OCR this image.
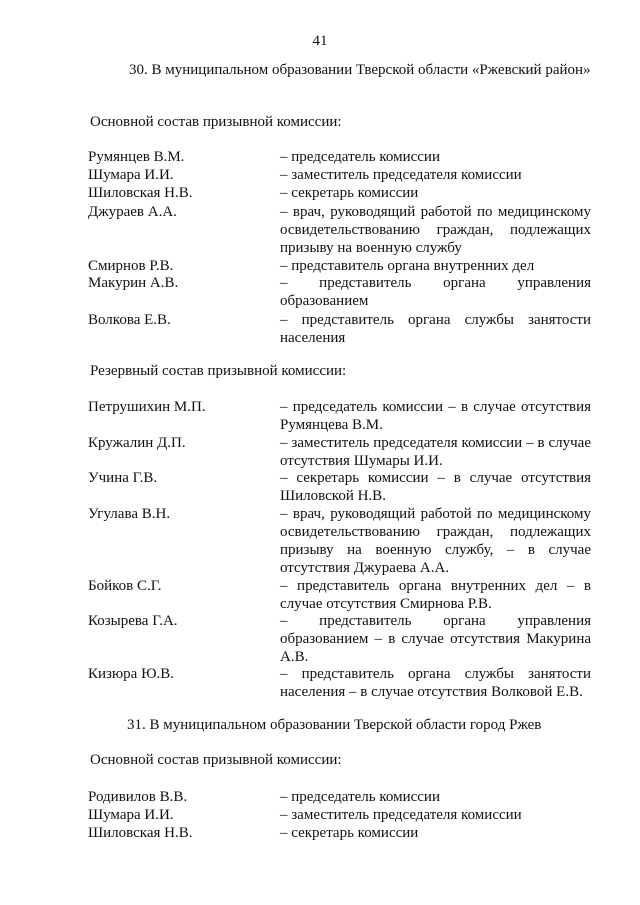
41
30. В муниципальном образовании Тверской области «Ржевский район»
Основной состав призывной комиссии:
Румянцев В.М.	– председатель комиссии
Шумара И.И.	– заместитель председателя комиссии
Шиловская Н.В.	– секретарь комиссии
Джураев А.А.	– врач, руководящий работой по медицинскому освидетельствованию граждан, подлежащих призыву на военную службу
Смирнов Р.В.	– представитель органа внутренних дел
Макурин А.В.	– представитель органа управления образованием
Волкова Е.В.	– представитель органа службы занятости населения
Резервный состав призывной комиссии:
Петрушихин М.П.	– председатель комиссии – в случае отсутствия Румянцева В.М.
Кружалин Д.П.	– заместитель председателя комиссии – в случае отсутствия Шумары И.И.
Учина Г.В.	– секретарь комиссии – в случае отсутствия Шиловской Н.В.
Угулава В.Н.	– врач, руководящий работой по медицинскому освидетельствованию граждан, подлежащих призыву на военную службу, – в случае отсутствия Джураева А.А.
Бойков С.Г.	– представитель органа внутренних дел – в случае отсутствия Смирнова Р.В.
Козырева Г.А.	– представитель органа управления образованием – в случае отсутствия Макурина А.В.
Кизюра Ю.В.	– представитель органа службы занятости населения – в случае отсутствия Волковой Е.В.
31. В муниципальном образовании Тверской области город Ржев
Основной состав призывной комиссии:
Родивилов В.В.	– председатель комиссии
Шумара И.И.	– заместитель председателя комиссии
Шиловская Н.В.	– секретарь комиссии
